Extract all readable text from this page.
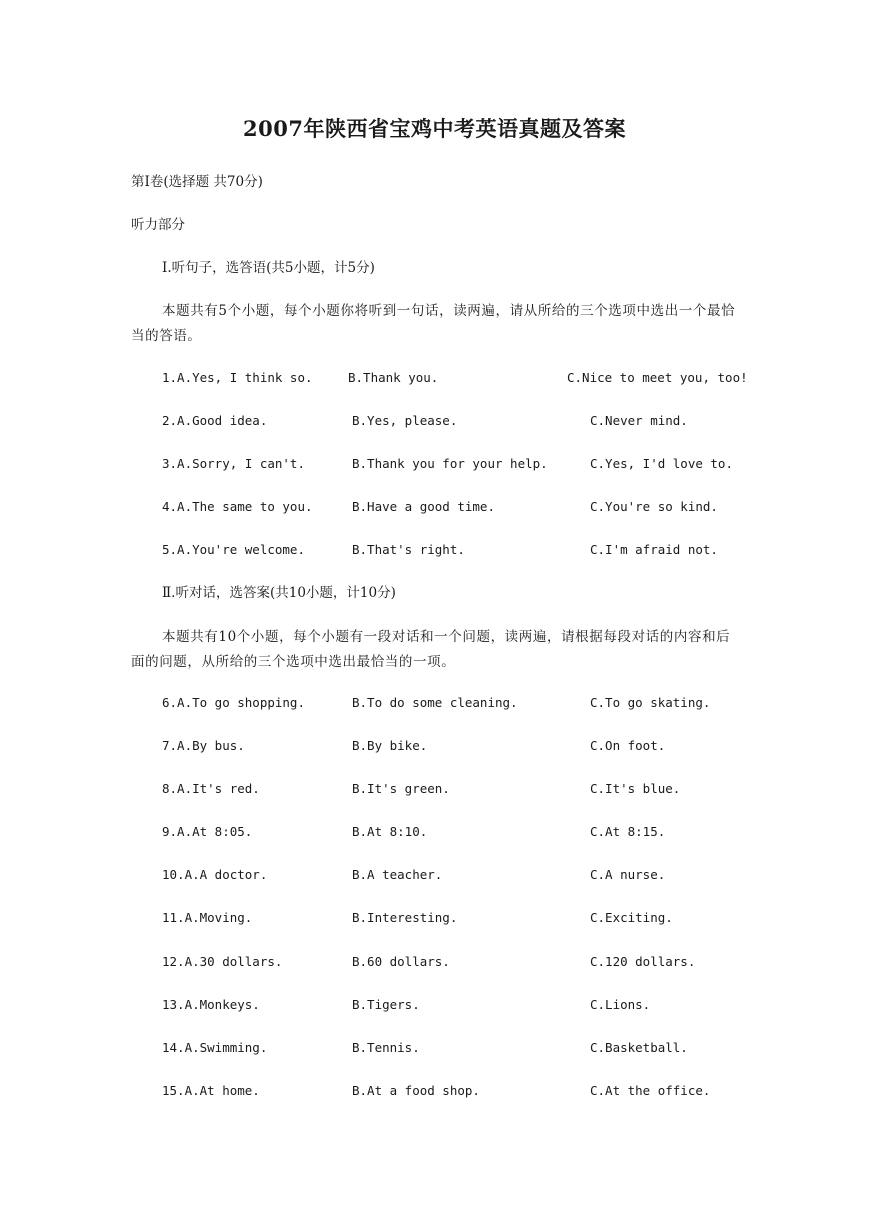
2007年陕西省宝鸡中考英语真题及答案
第Ⅰ卷(选择题 共70分)
听力部分
Ⅰ.听句子，选答语(共5小题，计5分)
本题共有5个小题，每个小题你将听到一句话，读两遍，请从所给的三个选项中选出一个最恰当的答语。
1.A.Yes, I think so.	B.Thank you.	C.Nice to meet you, too!
2.A.Good idea.	B.Yes, please.	C.Never mind.
3.A.Sorry, I can't.	B.Thank you for your help.	C.Yes, I'd love to.
4.A.The same to you.	B.Have a good time.	C.You're so kind.
5.A.You're welcome.	B.That's right.	C.I'm afraid not.
Ⅱ.听对话，选答案(共10小题，计10分)
本题共有10个小题，每个小题有一段对话和一个问题，读两遍，请根据每段对话的内容和后面的问题，从所给的三个选项中选出最恰当的一项。
6.A.To go shopping.	B.To do some cleaning.	C.To go skating.
7.A.By bus.	B.By bike.	C.On foot.
8.A.It's red.	B.It's green.	C.It's blue.
9.A.At 8:05.	B.At 8:10.	C.At 8:15.
10.A.A doctor.	B.A teacher.	C.A nurse.
11.A.Moving.	B.Interesting.	C.Exciting.
12.A.30 dollars.	B.60 dollars.	C.120 dollars.
13.A.Monkeys.	B.Tigers.	C.Lions.
14.A.Swimming.	B.Tennis.	C.Basketball.
15.A.At home.	B.At a food shop.	C.At the office.
